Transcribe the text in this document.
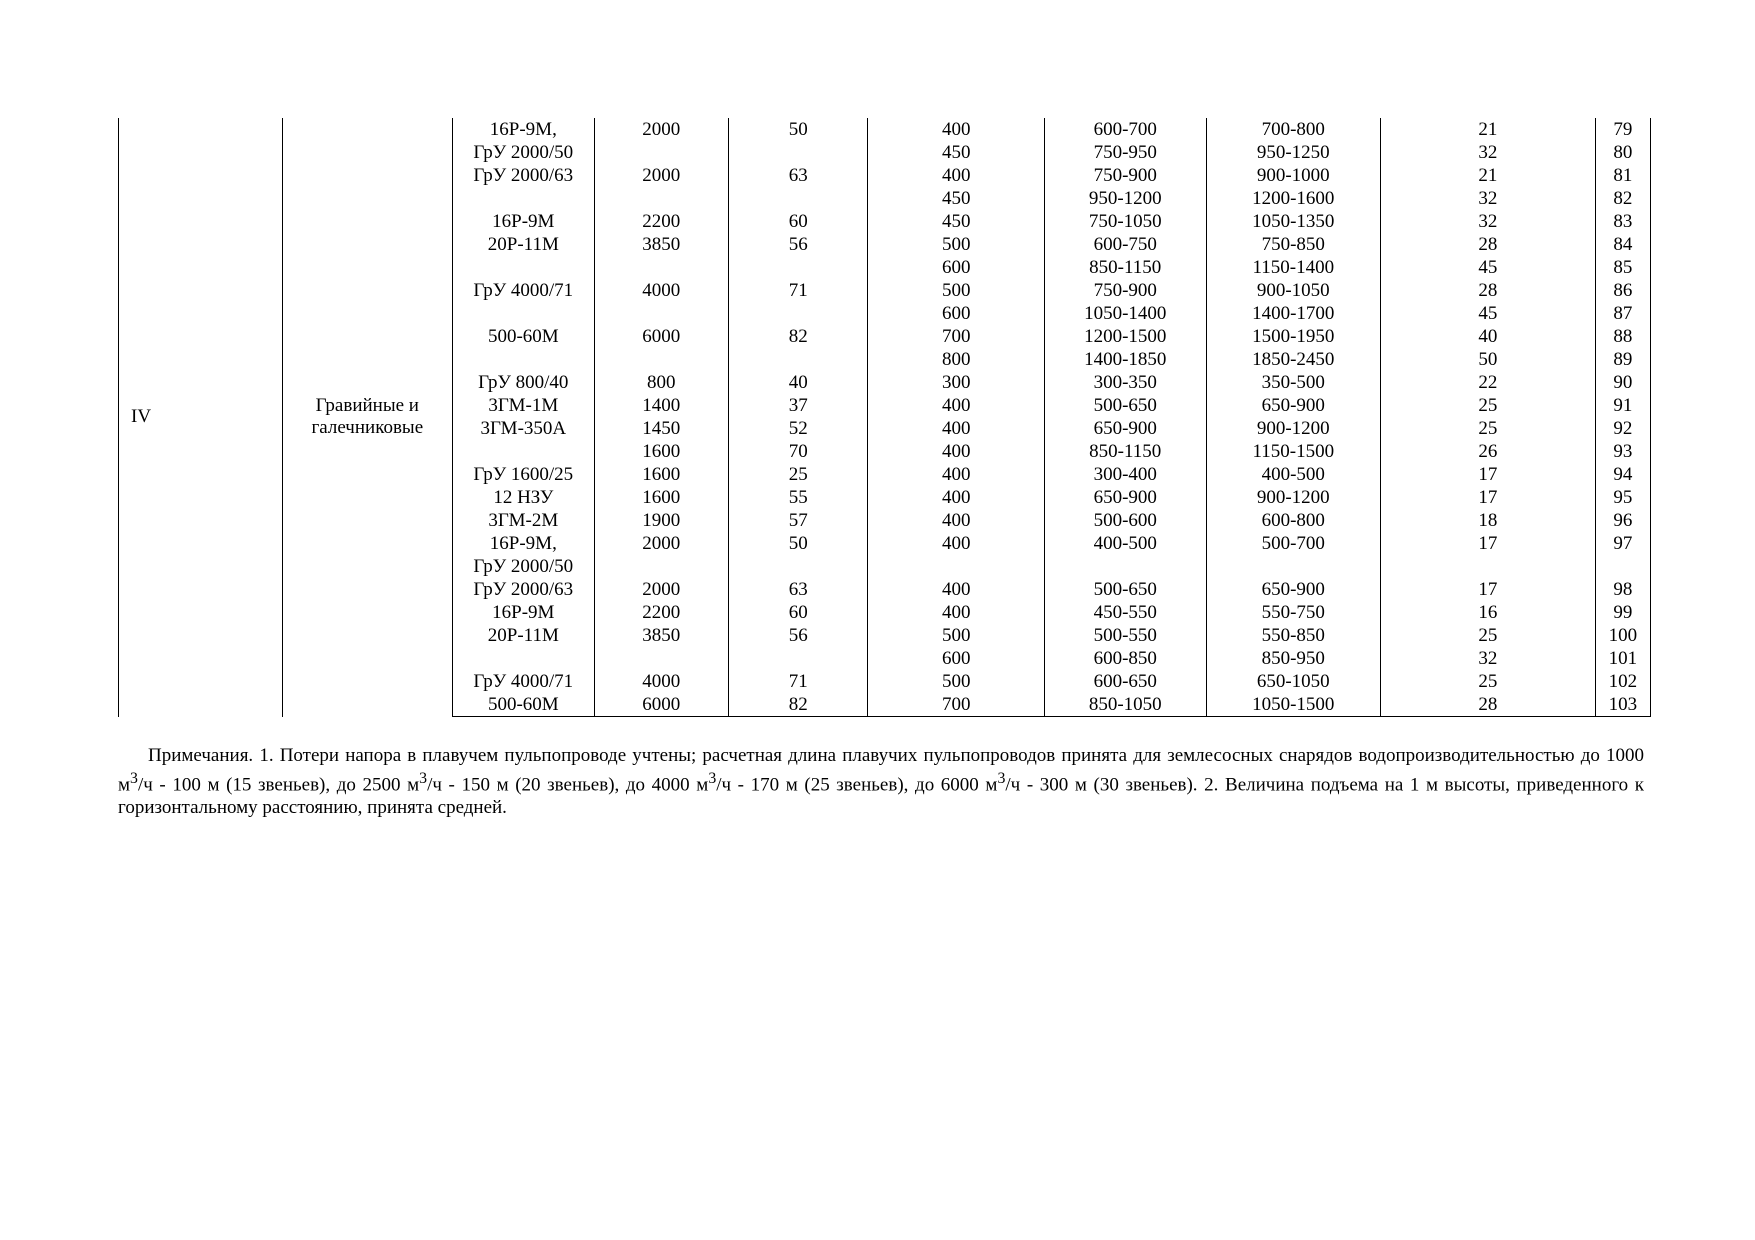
IV	Гравийные и галечниковые	16Р-9М,	2000	50	400	600-700	700-800	21	79
		ГрУ 2000/50			450	750-950	950-1250	32	80
		ГрУ 2000/63	2000	63	400	750-900	900-1000	21	81
					450	950-1200	1200-1600	32	82
		16Р-9М	2200	60	450	750-1050	1050-1350	32	83
		20Р-11М	3850	56	500	600-750	750-850	28	84
					600	850-1150	1150-1400	45	85
		ГрУ 4000/71	4000	71	500	750-900	900-1050	28	86
					600	1050-1400	1400-1700	45	87
		500-60М	6000	82	700	1200-1500	1500-1950	40	88
					800	1400-1850	1850-2450	50	89
		ГрУ 800/40	800	40	300	300-350	350-500	22	90
		3ГМ-1М	1400	37	400	500-650	650-900	25	91
		3ГМ-350А	1450	52	400	650-900	900-1200	25	92
			1600	70	400	850-1150	1150-1500	26	93
		ГрУ 1600/25	1600	25	400	300-400	400-500	17	94
		12 НЗУ	1600	55	400	650-900	900-1200	17	95
		3ГМ-2М	1900	57	400	500-600	600-800	18	96
		16Р-9М,	2000	50	400	400-500	500-700	17	97
		ГрУ 2000/50							
		ГрУ 2000/63	2000	63	400	500-650	650-900	17	98
		16Р-9М	2200	60	400	450-550	550-750	16	99
		20Р-11М	3850	56	500	500-550	550-850	25	100
					600	600-850	850-950	32	101
		ГрУ 4000/71	4000	71	500	600-650	650-1050	25	102
		500-60М	6000	82	700	850-1050	1050-1500	28	103

Примечания. 1. Потери напора в плавучем пульпопроводе учтены; расчетная длина плавучих пульпопроводов принята для землесосных снарядов водопроизводительностью до 1000 $м^3/ч - 100$ м (15 звеньев), до 2500 $м^3/ч - 150$ м (20 звеньев), до 4000 $м^3/ч - 170$ м (25 звеньев), до 6000 $м^3/ч - 300$ м (30 звеньев). 2. Величина подъема на 1 м высоты, приведенного к горизонтальному расстоянию, принята средней.
